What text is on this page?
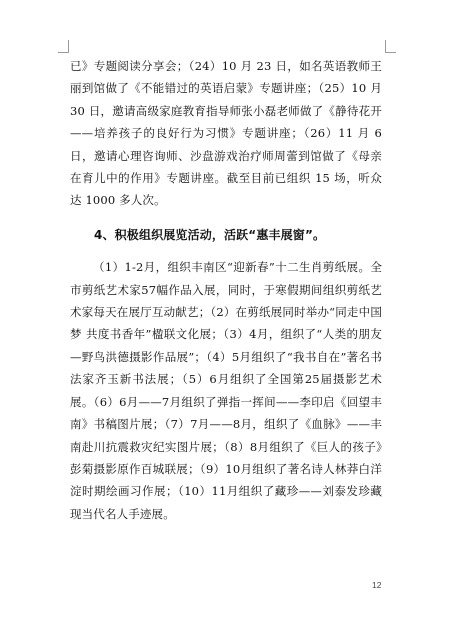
已》专题阅读分享会；（24）10 月 23 日，如名英语教师王丽到馆做了《不能错过的英语启蒙》专题讲座；（25）10 月 30 日，邀请高级家庭教育指导师张小磊老师做了《静待花开——培养孩子的良好行为习惯》专题讲座；（26）11 月 6 日，邀请心理咨询师、沙盘游戏治疗师周蕾到馆做了《母亲在育儿中的作用》专题讲座。截至目前已组织 15 场，听众达 1000 多人次。

4、积极组织展览活动，活跃“惠丰展窗”。

（1）1-2月，组织丰南区“迎新春”十二生肖剪纸展。全市剪纸艺术家57幅作品入展，同时，于寒假期间组织剪纸艺术家每天在展厅互动献艺；（2）在剪纸展同时举办“同走中国梦 共度书香年”楹联文化展；（3）4月，组织了“人类的朋友—野鸟洪德摄影作品展”；（4）5月组织了“我书自在”著名书法家齐玉新书法展；（5）6月组织了全国第25届摄影艺术展。（6）6月——7月组织了弹指一挥间——李印启《回望丰南》书稿图片展；（7）7月——8月，组织了《血脉》——丰南赴川抗震救灾纪实图片展；（8）8月组织了《巨人的孩子》彭菊摄影原作百城联展；（9）10月组织了著名诗人林莽白洋淀时期绘画习作展；（10）11月组织了藏珍——刘泰发珍藏现当代名人手迹展。

12
